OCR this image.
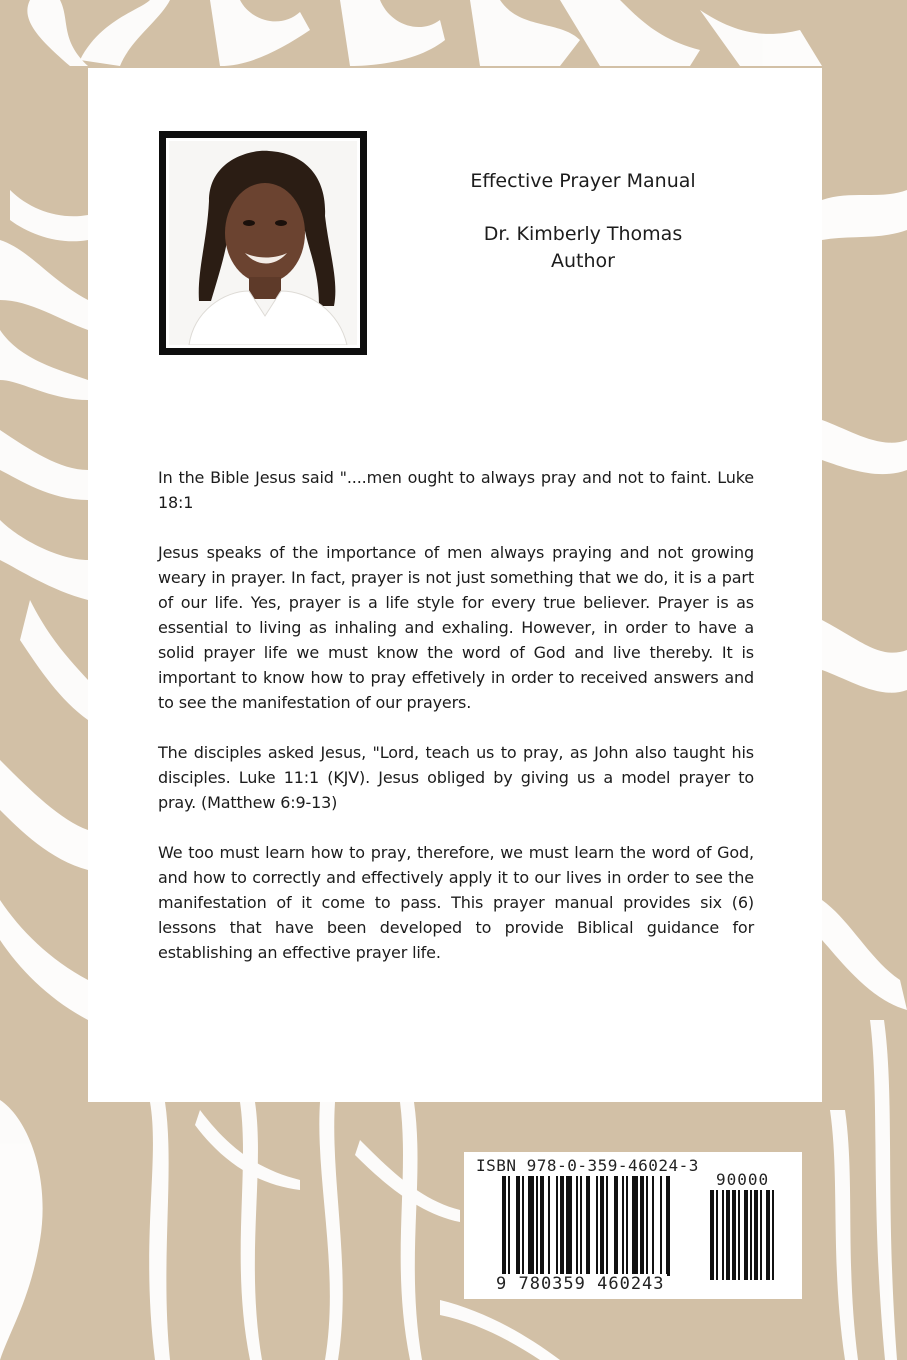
Effective Prayer Manual

Dr. Kimberly Thomas

Author

In the Bible Jesus said "....men ought to always pray and not to faint. Luke 18:1

Jesus speaks of the importance of men always praying and not growing weary in prayer. In fact, prayer is not just something that we do, it is a part of our life. Yes, prayer is a life style for every true believer. Prayer is as essential to living as inhaling and exhaling. However, in order to have a solid prayer life we must know the word of God and live thereby. It is important to know how to pray effetively in order to received answers and to see the manifestation of our prayers.

The disciples asked Jesus, "Lord, teach us to pray, as John also taught his disciples. Luke 11:1 (KJV). Jesus obliged by giving us a model prayer to pray. (Matthew 6:9-13)

We too must learn how to pray, therefore, we must learn the word of God, and how to correctly and effectively apply it to our lives in order to see the manifestation of it come to pass. This prayer manual provides six (6) lessons that have been developed to provide Biblical guidance for establishing an effective prayer life.

ISBN 978-0-359-46024-3
90000
9 780359 460243
